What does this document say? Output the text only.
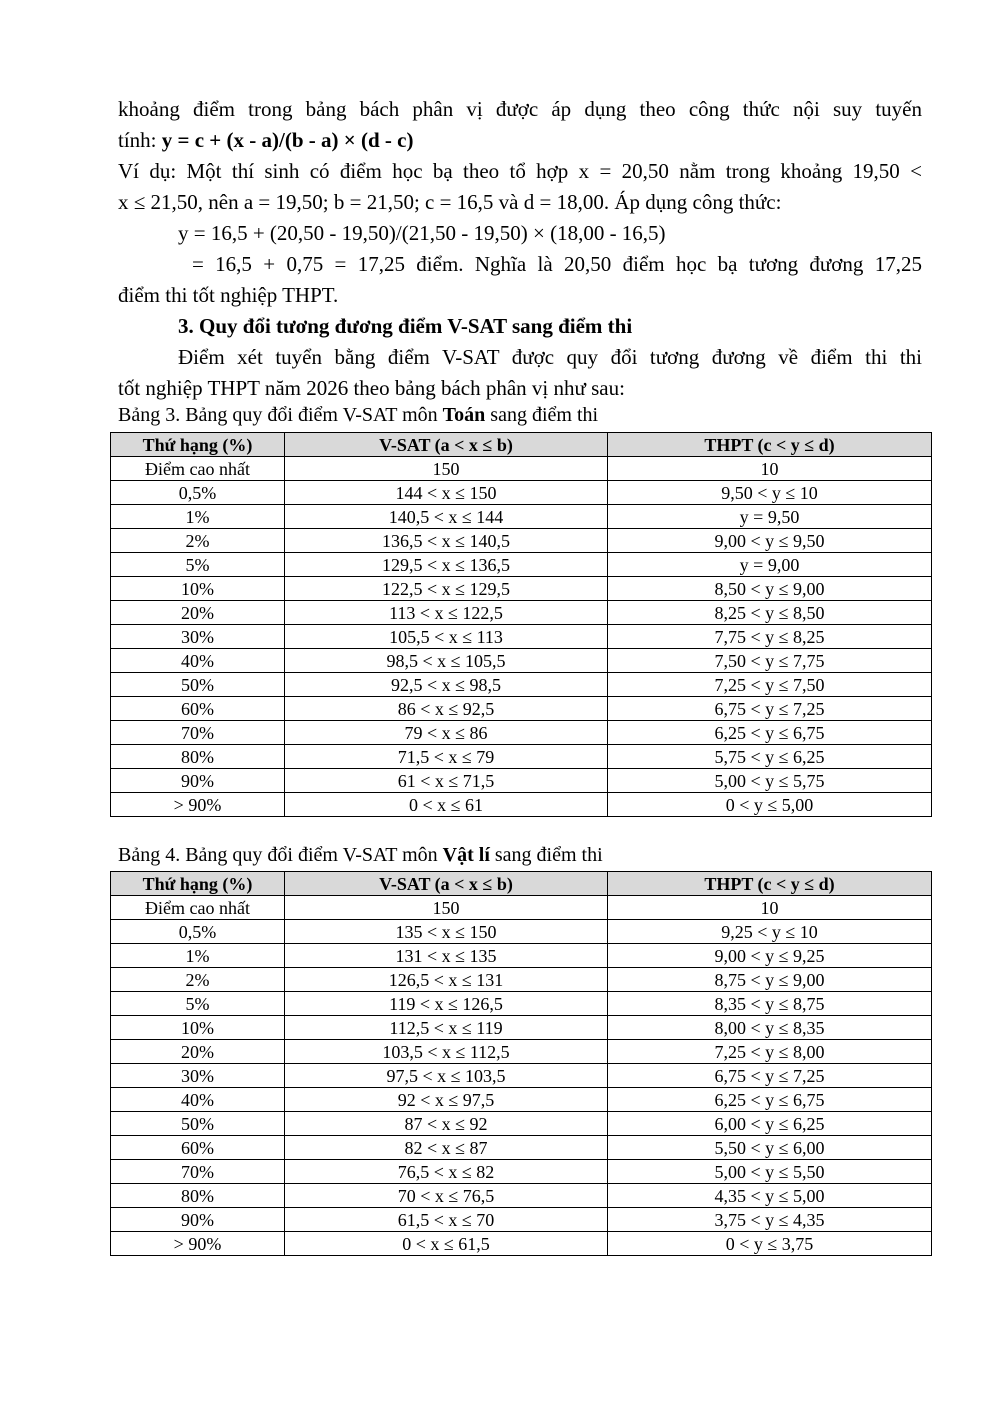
khoảng điểm trong bảng bách phân vị được áp dụng theo công thức nội suy tuyến

tính: y = c + (x - a)/(b - a) × (d - c)

Ví dụ: Một thí sinh có điểm học bạ theo tổ hợp x = 20,50 nằm trong khoảng 19,50 <

x ≤ 21,50, nên a = 19,50; b = 21,50; c = 16,5 và d = 18,00. Áp dụng công thức:

y = 16,5 + (20,50 - 19,50)/(21,50 - 19,50) × (18,00 - 16,5)

= 16,5 + 0,75 = 17,25 điểm. Nghĩa là 20,50 điểm học bạ tương đương 17,25

điểm thi tốt nghiệp THPT.

3. Quy đổi tương đương điểm V-SAT sang điểm thi

Điểm xét tuyển bằng điểm V-SAT được quy đổi tương đương về điểm thi thi

tốt nghiệp THPT năm 2026 theo bảng bách phân vị như sau:

Bảng 3. Bảng quy đổi điểm V-SAT môn Toán sang điểm thi
Thứ hạng (%)	V-SAT (a < x ≤ b)	THPT (c < y ≤ d)
Điểm cao nhất	150	10
0,5%	144 < x ≤ 150	9,50 < y ≤ 10
1%	140,5 < x ≤ 144	y = 9,50
2%	136,5 < x ≤ 140,5	9,00 < y ≤ 9,50
5%	129,5 < x ≤ 136,5	y = 9,00
10%	122,5 < x ≤ 129,5	8,50 < y ≤ 9,00
20%	113 < x ≤ 122,5	8,25 < y ≤ 8,50
30%	105,5 < x ≤ 113	7,75 < y ≤ 8,25
40%	98,5 < x ≤ 105,5	7,50 < y ≤ 7,75
50%	92,5 < x ≤ 98,5	7,25 < y ≤ 7,50
60%	86 < x ≤ 92,5	6,75 < y ≤ 7,25
70%	79 < x ≤ 86	6,25 < y ≤ 6,75
80%	71,5 < x ≤ 79	5,75 < y ≤ 6,25
90%	61 < x ≤ 71,5	5,00 < y ≤ 5,75
> 90%	0 < x ≤ 61	0 < y ≤ 5,00
Bảng 4. Bảng quy đổi điểm V-SAT môn Vật lí sang điểm thi
Thứ hạng (%)	V-SAT (a < x ≤ b)	THPT (c < y ≤ d)
Điểm cao nhất	150	10
0,5%	135 < x ≤ 150	9,25 < y ≤ 10
1%	131 < x ≤ 135	9,00 < y ≤ 9,25
2%	126,5 < x ≤ 131	8,75 < y ≤ 9,00
5%	119 < x ≤ 126,5	8,35 < y ≤ 8,75
10%	112,5 < x ≤ 119	8,00 < y ≤ 8,35
20%	103,5 < x ≤ 112,5	7,25 < y ≤ 8,00
30%	97,5 < x ≤ 103,5	6,75 < y ≤ 7,25
40%	92 < x ≤ 97,5	6,25 < y ≤ 6,75
50%	87 < x ≤ 92	6,00 < y ≤ 6,25
60%	82 < x ≤ 87	5,50 < y ≤ 6,00
70%	76,5 < x ≤ 82	5,00 < y ≤ 5,50
80%	70 < x ≤ 76,5	4,35 < y ≤ 5,00
90%	61,5 < x ≤ 70	3,75 < y ≤ 4,35
> 90%	0 < x ≤ 61,5	0 < y ≤ 3,75
